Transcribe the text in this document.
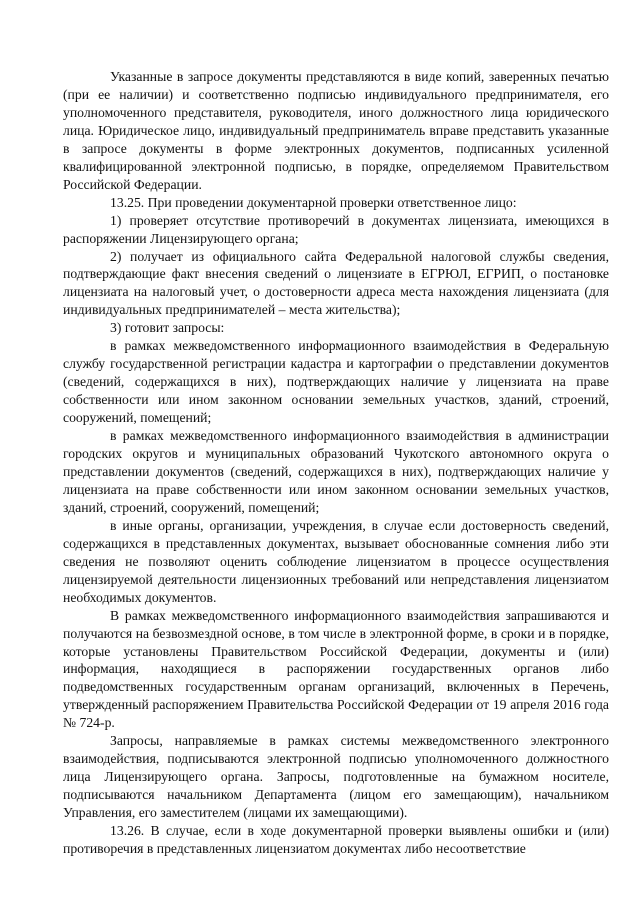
Указанные в запросе документы представляются в виде копий, заверенных печатью (при ее наличии) и соответственно подписью индивидуального предпринимателя, его уполномоченного представителя, руководителя, иного должностного лица юридического лица. Юридическое лицо, индивидуальный предприниматель вправе представить указанные в запросе документы в форме электронных документов, подписанных усиленной квалифицированной электронной подписью, в порядке, определяемом Правительством Российской Федерации.

13.25. При проведении документарной проверки ответственное лицо:

1) проверяет отсутствие противоречий в документах лицензиата, имеющихся в распоряжении Лицензирующего органа;

2) получает из официального сайта Федеральной налоговой службы сведения, подтверждающие факт внесения сведений о лицензиате в ЕГРЮЛ, ЕГРИП, о постановке лицензиата на налоговый учет, о достоверности адреса места нахождения лицензиата (для индивидуальных предпринимателей – места жительства);

3) готовит запросы:

в рамках межведомственного информационного взаимодействия в Федеральную службу государственной регистрации кадастра и картографии о представлении документов (сведений, содержащихся в них), подтверждающих наличие у лицензиата на праве собственности или ином законном основании земельных участков, зданий, строений, сооружений, помещений;

в рамках межведомственного информационного взаимодействия в администрации городских округов и муниципальных образований Чукотского автономного округа о представлении документов (сведений, содержащихся в них), подтверждающих наличие у лицензиата на праве собственности или ином законном основании земельных участков, зданий, строений, сооружений, помещений;

в иные органы, организации, учреждения, в случае если достоверность сведений, содержащихся в представленных документах, вызывает обоснованные сомнения либо эти сведения не позволяют оценить соблюдение лицензиатом в процессе осуществления лицензируемой деятельности лицензионных требований или непредставления лицензиатом необходимых документов.

В рамках межведомственного информационного взаимодействия запрашиваются и получаются на безвозмездной основе, в том числе в электронной форме, в сроки и в порядке, которые установлены Правительством Российской Федерации, документы и (или) информация, находящиеся в распоряжении государственных органов либо подведомственных государственным органам организаций, включенных в Перечень, утвержденный распоряжением Правительства Российской Федерации от 19 апреля 2016 года № 724-р.

Запросы, направляемые в рамках системы межведомственного электронного взаимодействия, подписываются электронной подписью уполномоченного должностного лица Лицензирующего органа. Запросы, подготовленные на бумажном носителе, подписываются начальником Департамента (лицом его замещающим), начальником Управления, его заместителем (лицами их замещающими).

13.26. В случае, если в ходе документарной проверки выявлены ошибки и (или) противоречия в представленных лицензиатом документах либо несоответствие
